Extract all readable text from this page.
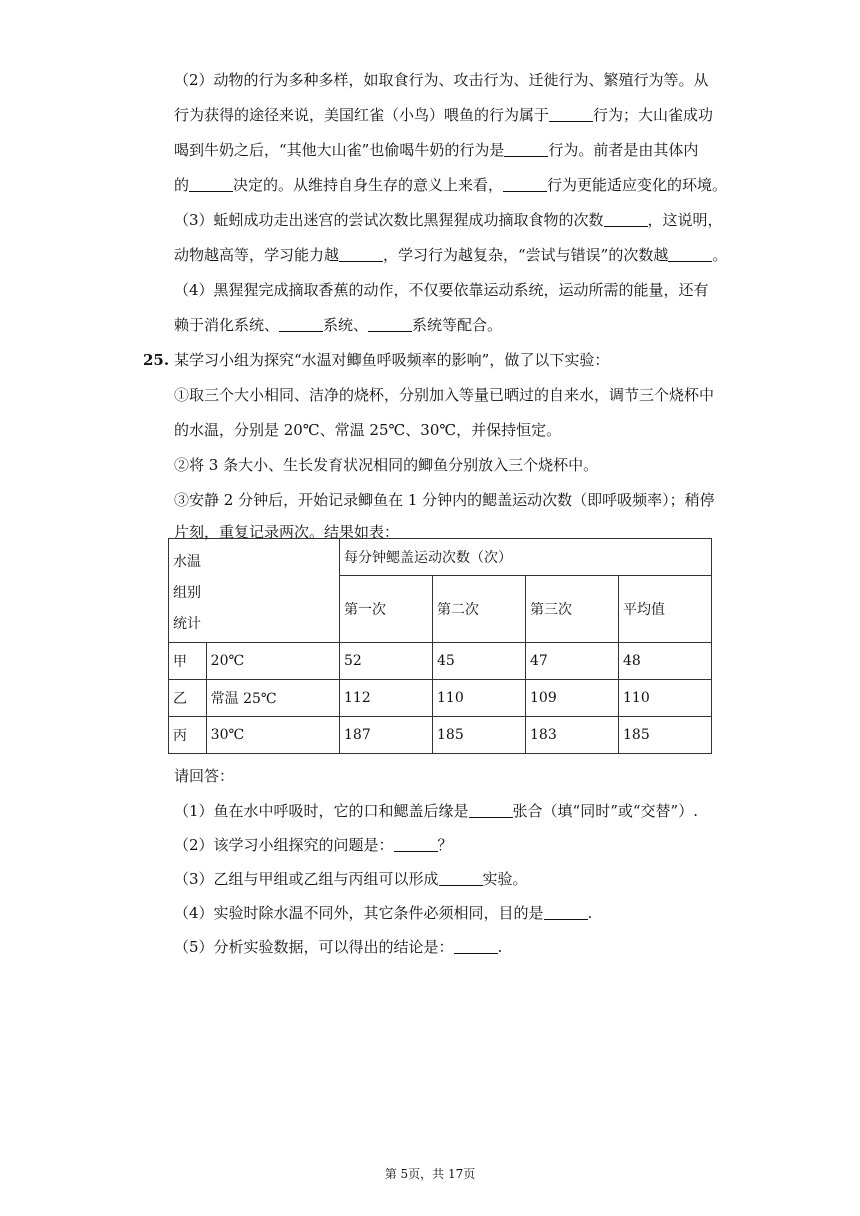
（2）动物的行为多种多样，如取食行为、攻击行为、迁徙行为、繁殖行为等。从
行为获得的途径来说，美国红雀（小鸟）喂鱼的行为属于	行为；大山雀成功
喝到牛奶之后，“其他大山雀”也偷喝牛奶的行为是	行为。前者是由其体内
的	决定的。从维持自身生存的意义上来看，	行为更能适应变化的环境。
（3）蚯蚓成功走出迷宫的尝试次数比黑猩猩成功摘取食物的次数	，这说明，
动物越高等，学习能力越	，学习行为越复杂，“尝试与错误”的次数越	。
（4）黑猩猩完成摘取香蕉的动作，不仅要依靠运动系统，运动所需的能量，还有
赖于消化系统、	系统、	系统等配合。
25. 某学习小组为探究“水温对鲫鱼呼吸频率的影响”，做了以下实验：
①取三个大小相同、洁净的烧杯，分别加入等量已晒过的自来水，调节三个烧杯中
的水温，分别是 20℃、常温 25℃、30℃，并保持恒定。
②将 3 条大小、生长发育状况相同的鲫鱼分别放入三个烧杯中。
③安静 2 分钟后，开始记录鲫鱼在 1 分钟内的鳃盖运动次数（即呼吸频率）；稍停
片刻，重复记录两次。结果如表：
水温
组别
统计		每分钟鳃盖运动次数（次）			
		第一次	第二次	第三次	平均值
甲	20℃	52	45	47	48
乙	常温 25℃	112	110	109	110
丙	30℃	187	185	183	185
请回答：
（1）鱼在水中呼吸时，它的口和鳃盖后缘是	张合（填“同时”或“交替”）.
（2）该学习小组探究的问题是：	？
（3）乙组与甲组或乙组与丙组可以形成	实验。
（4）实验时除水温不同外，其它条件必须相同，目的是	.
（5）分析实验数据，可以得出的结论是：	.
第 5页，共 17页
